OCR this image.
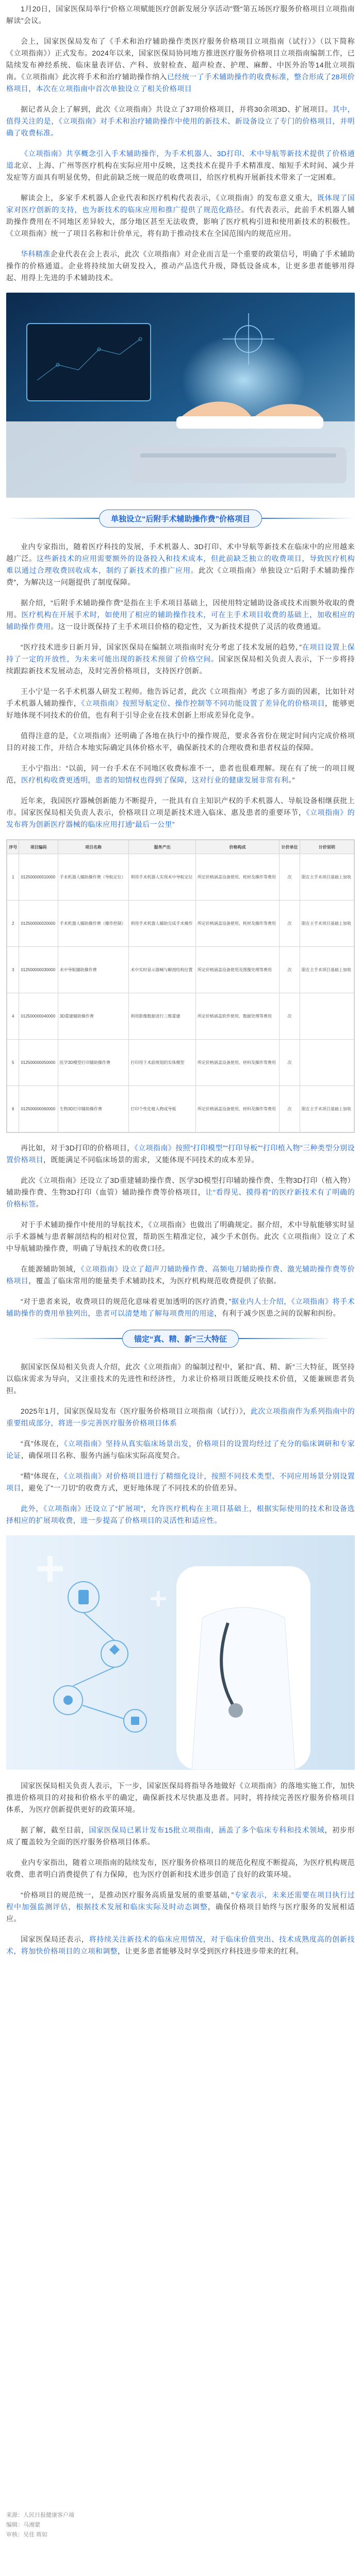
1月20日，国家医保局举行“价格立项赋能医疗创新发展分享活动”暨“第五场医疗服务价格项目立项指南解读”会议。

会上，国家医保局发布了《手术和治疗辅助操作类医疗服务价格项目立项指南（试行）》（以下简称《立项指南》）正式发布。2024年以来，国家医保局协同地方推进医疗服务价格项目立项指南编制工作，已陆续发布神经系统、临床量表评估、产科、放射检查、超声检查、护理、麻醉、中医外治等14批立项指南。《立项指南》此次将手术和治疗辅助操作纳入已经统一了手术辅助操作的收费标准，整合形成了28项价格项目，本次在立项指南中首次单独设立了相关价格项目

据记者从会上了解到，此次《立项指南》共设立了37项价格项目，并将30余项3D、扩展项目。其中，值得关注的是，《立项指南》对手术和治疗辅助操作中使用的新技术、新设备设立了专门的价格项目，并明确了收费标准。

《立项指南》共享概念引入手术辅助操作，为手术机器人、3D打印、术中导航等新技术提供了价格通道北京、上海、广州等医疗机构在实际应用中反映，这类技术在提升手术精准度、缩短手术时间、减少并发症等方面具有明显优势，但此前缺乏统一规范的收费项目，给医疗机构开展新技术带来了一定困难。

解读会上，多家手术机器人企业代表和医疗机构代表表示，《立项指南》的发布意义重大，既体现了国家对医疗创新的支持，也为新技术的临床应用和推广提供了规范化路径。有代表表示，此前手术机器人辅助操作费用在不同地区差异较大，部分地区甚至无法收费，影响了医疗机构引进和使用新技术的积极性。《立项指南》统一了项目名称和计价单元，将有助于推动技术在全国范围内的规范应用。

华科精准企业代表在会上表示，此次《立项指南》对企业而言是一个重要的政策信号，明确了手术辅助操作的价格通道。企业将持续加大研发投入，推动产品迭代升级，降低设备成本，让更多患者能够用得起、用得上先进的手术辅助技术。

单独设立“后附手术辅助操作费”价格项目

业内专家指出，随着医疗科技的发展，手术机器人、3D打印、术中导航等新技术在临床中的应用越来越广泛。这些新技术的应用需要额外的设备投入和技术成本，但此前缺乏独立的收费项目，导致医疗机构难以通过合理收费回收成本，制约了新技术的推广应用。此次《立项指南》单独设立“后附手术辅助操作费”，为解决这一问题提供了制度保障。

据介绍，“后附手术辅助操作费”是指在主手术项目基础上，因使用特定辅助设备或技术而额外收取的费用。医疗机构在开展手术时，如使用了相应的辅助操作技术，可在主手术项目收费的基础上，加收相应的辅助操作费用。这一设计既保持了主手术项目价格的稳定性，又为新技术提供了灵活的收费通道。

“医疗技术进步日新月异，国家医保局在编制立项指南时充分考虑了技术发展的趋势，”在项目设置上保持了一定的开放性，为未来可能出现的新技术预留了价格空间。国家医保局相关负责人表示，下一步将持续跟踪新技术发展动态，及时完善价格项目，支持医疗创新。

王小宁是一名手术机器人研发工程师。他告诉记者，此次《立项指南》考虑了多方面的因素，比如针对手术机器人辅助操作，《立项指南》按照导航定位、操作控制等不同功能设置了差异化的价格项目，能够更好地体现不同技术的价值，也有利于引导企业在技术创新上形成差异化竞争。

值得注意的是，《立项指南》还明确了各地在执行中的操作规范，要求各省份在规定时间内完成价格项目的对接工作，并结合本地实际确定具体价格水平，确保新技术的合理收费和患者权益的保障。

王小宁指出：“以前，同一台手术在不同地区收费标准不一，患者也很难理解。现在有了统一的项目规范，医疗机构收费更透明，患者的知情权也得到了保障，这对行业的健康发展非常有利。”

近年来，我国医疗器械创新能力不断提升，一批具有自主知识产权的手术机器人、导航设备相继获批上市。国家医保局相关负责人表示，价格项目立项是新技术进入临床、惠及患者的重要环节，《立项指南》的发布将为创新医疗器械的临床应用打通“最后一公里”

序号	项目编码	项目名称	服务产出	价格构成	计价单位	计价说明
1	012500000010000	手术机器人辅助操作费（导航定位）	利用手术机器人实现术中导航定位	所定价格涵盖设备使用、耗材及操作等费用	次	限在主手术项目基础上加收
2	012500000020000	手术机器人辅助操作费（操作控制）	利用手术机器人辅助完成手术操作	所定价格涵盖设备使用、耗材及操作等费用	次	限在主手术项目基础上加收
3	012500000030000	术中导航辅助操作费	术中实时显示器械与解剖结构位置	所定价格涵盖设备使用及图像处理等费用	次	限在主手术项目基础上加收
4	012500000040000	3D重建辅助操作费	利用影像数据进行三维重建	所定价格涵盖软件使用、数据处理等费用	次	
5	012500000050000	医学3D模型打印辅助操作费	打印用于术前规划的实体模型	所定价格涵盖设备使用、材料及操作等费用	次	
6	012500000060000	生物3D打印辅助操作费	打印个性化植入物或导板	所定价格涵盖设备使用、材料及操作等费用	次	限在主手术项目基础上加收

再比如，对于3D打印的价格项目，《立项指南》按照“打印模型”“打印导板”“打印植入物”三种类型分别设置价格项目，既能满足不同临床场景的需求，又能体现不同技术的成本差异。

此次《立项指南》还设立了3D重建辅助操作费、医学3D模型打印辅助操作费、生物3D打印（植入物）辅助操作费、生物3D打印（血管）辅助操作费等价格项目，让“看得见、摸得着”的医疗新技术有了明确的价格标签。

对于手术辅助操作中使用的导航技术，《立项指南》也做出了明确规定。据介绍，术中导航能够实时显示手术器械与患者解剖结构的相对位置，帮助医生精准定位，减少手术创伤。此次《立项指南》设立了术中导航辅助操作费，明确了导航技术的收费口径。

在能源辅助领域，《立项指南》设立了超声刀辅助操作费、高频电刀辅助操作费、激光辅助操作费等价格项目，覆盖了临床常用的能量类手术辅助技术，为医疗机构规范收费提供了依据。

“对于患者来说，收费项目的规范化意味着更加透明的医疗消费，”据业内人士介绍，《立项指南》将手术辅助操作的费用单独列出，患者可以清楚地了解每项费用的用途，有利于减少医患之间的误解和纠纷。

锚定“真、精、新”三大特征

据国家医保局相关负责人介绍，此次《立项指南》的编制过程中，紧扣“真、精、新”三大特征，既坚持以临床需求为导向，又注重技术的先进性和经济性，力求让价格项目既能反映技术价值，又能兼顾患者负担。

2025年1月，国家医保局发布《医疗服务价格项目立项指南（试行）》，此次立项指南作为系列指南中的重要组成部分，将进一步完善医疗服务价格项目体系

“真”体现在，《立项指南》坚持从真实临床场景出发，价格项目的设置均经过了充分的临床调研和专家论证，确保项目名称、服务内涵与临床实际高度契合。

“精”体现在，《立项指南》对价格项目进行了精细化设计，按照不同技术类型、不同应用场景分别设置项目，避免了“一刀切”的收费方式，更好地体现了不同技术的价值差异。

此外，《立项指南》还设立了“扩展项”，允许医疗机构在主项目基础上，根据实际使用的技术和设备选择相应的扩展项收费，进一步提高了价格项目的灵活性和适应性。

国家医保局相关负责人表示，下一步，国家医保局将指导各地做好《立项指南》的落地实施工作，加快推进价格项目的对接和价格水平的确定，确保新技术尽快惠及患者。同时，将持续完善医疗服务价格项目体系，为医疗创新提供更好的政策环境。

据了解，截至目前，国家医保局已累计发布15批立项指南，涵盖了多个临床专科和技术领域，初步形成了覆盖较为全面的医疗服务价格项目体系。

业内专家指出，随着立项指南的陆续发布，医疗服务价格项目的规范化程度不断提高，为医疗机构规范收费、患者明白消费提供了有力保障，也为医疗创新和技术进步创造了良好的政策环境。

“价格项目的规范统一，是推动医疗服务高质量发展的重要基础，”专家表示，未来还需要在项目执行过程中加强监测评估，根据技术发展和临床实际及时动态调整，确保价格项目始终与医疗服务的发展相适应。

国家医保局还表示，将持续关注新技术的临床应用情况，对于临床价值突出、技术成熟度高的创新技术，将加快价格项目的立项和调整，让更多患者能够及时享受到医疗科技进步带来的红利。

来源：人民日报健康客户端
编辑：马湘蒙
审核：吴佳 蒋如
